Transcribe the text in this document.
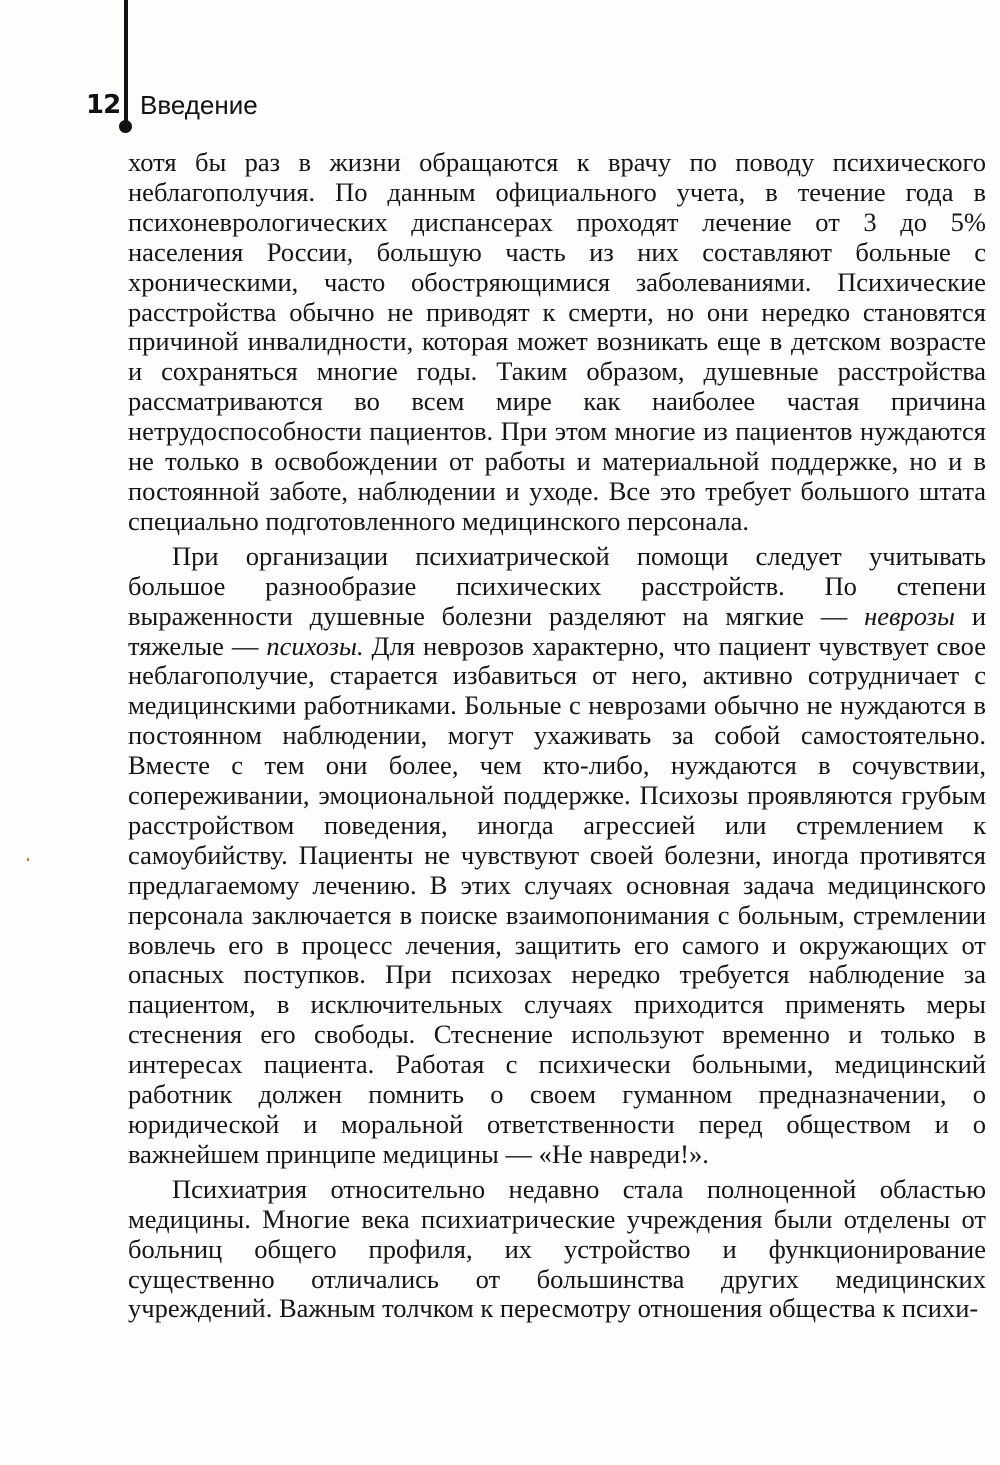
12 Введение

хотя бы раз в жизни обращаются к врачу по поводу психического неблагополучия. По данным официального учета, в течение года в психоневрологических диспансерах проходят лечение от 3 до 5% населения России, большую часть из них составляют больные с хроническими, часто обостряющимися заболеваниями. Психические расстройства обычно не приводят к смерти, но они нередко становятся причиной инвалидности, которая может возникать еще в детском возрасте и сохраняться многие годы. Таким образом, душевные расстройства рассматриваются во всем мире как наиболее частая причина нетрудоспособности пациентов. При этом многие из пациентов нуждаются не только в освобождении от работы и материальной поддержке, но и в постоянной заботе, наблюдении и уходе. Все это требует большого штата специально подготовленного медицинского персонала.

При организации психиатрической помощи следует учитывать большое разнообразие психических расстройств. По степени выраженности душевные болезни разделяют на мягкие — неврозы и тяжелые — психозы. Для неврозов характерно, что пациент чувствует свое неблагополучие, старается избавиться от него, активно сотрудничает с медицинскими работниками. Больные с неврозами обычно не нуждаются в постоянном наблюдении, могут ухаживать за собой самостоятельно. Вместе с тем они более, чем кто-либо, нуждаются в сочувствии, сопереживании, эмоциональной поддержке. Психозы проявляются грубым расстройством поведения, иногда агрессией или стремлением к самоубийству. Пациенты не чувствуют своей болезни, иногда противятся предлагаемому лечению. В этих случаях основная задача медицинского персонала заключается в поиске взаимопонимания с больным, стремлении вовлечь его в процесс лечения, защитить его самого и окружающих от опасных поступков. При психозах нередко требуется наблюдение за пациентом, в исключительных случаях приходится применять меры стеснения его свободы. Стеснение используют временно и только в интересах пациента. Работая с психически больными, медицинский работник должен помнить о своем гуманном предназначении, о юридической и моральной ответственности перед обществом и о важнейшем принципе медицины — «Не навреди!».

Психиатрия относительно недавно стала полноценной областью медицины. Многие века психиатрические учреждения были отделены от больниц общего профиля, их устройство и функционирование существенно отличались от большинства других медицинских учреждений. Важным толчком к пересмотру отношения общества к психи-
